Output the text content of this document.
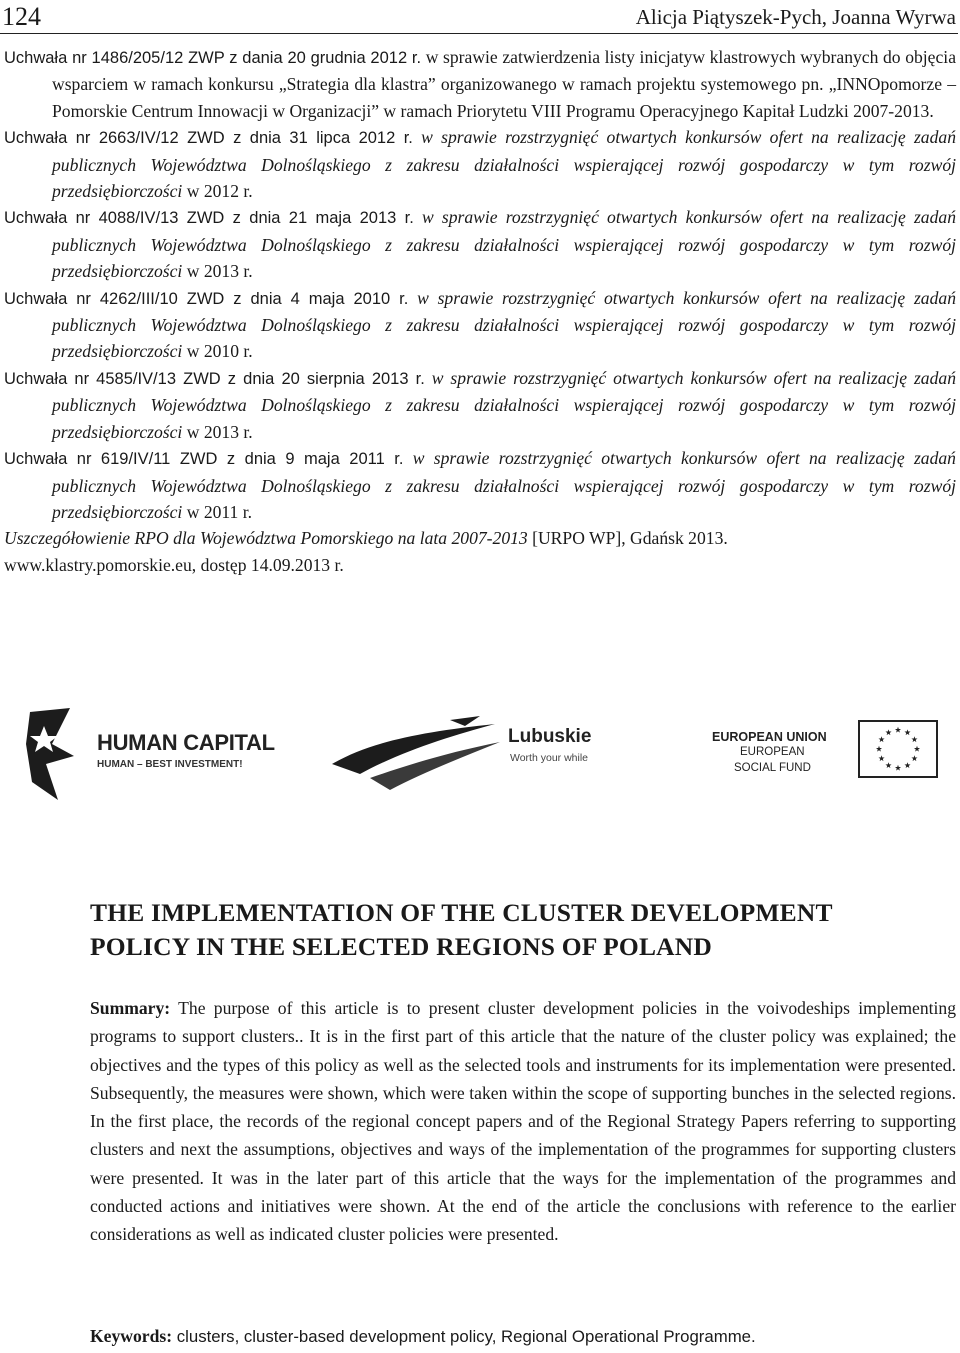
124	Alicja Piątyszek-Pych, Joanna Wyrwa

Uchwała nr 1486/205/12 ZWP z dania 20 grudnia 2012 r. w sprawie zatwierdzenia listy inicjatyw klastrowych wybranych do objęcia wsparciem w ramach konkursu „Strategia dla klastra” organizowanego w ramach projektu systemowego pn. „INNOpomorze – Pomorskie Centrum Innowacji w Organizacji” w ramach Priorytetu VIII Programu Operacyjnego Kapitał Ludzki 2007-2013.

Uchwała nr 2663/IV/12 ZWD z dnia 31 lipca 2012 r. w sprawie rozstrzygnięć otwartych konkursów ofert na realizację zadań publicznych Województwa Dolnośląskiego z zakresu działalności wspierającej rozwój gospodarczy w tym rozwój przedsiębiorczości w 2012 r.

Uchwała nr 4088/IV/13 ZWD z dnia 21 maja 2013 r. w sprawie rozstrzygnięć otwartych konkursów ofert na realizację zadań publicznych Województwa Dolnośląskiego z zakresu działalności wspierającej rozwój gospodarczy w tym rozwój przedsiębiorczości w 2013 r.

Uchwała nr 4262/III/10 ZWD z dnia 4 maja 2010 r. w sprawie rozstrzygnięć otwartych konkursów ofert na realizację zadań publicznych Województwa Dolnośląskiego z zakresu działalności wspierającej rozwój gospodarczy w tym rozwój przedsiębiorczości w 2010 r.

Uchwała nr 4585/IV/13 ZWD z dnia 20 sierpnia 2013 r. w sprawie rozstrzygnięć otwartych konkursów ofert na realizację zadań publicznych Województwa Dolnośląskiego z zakresu działalności wspierającej rozwój gospodarczy w tym rozwój przedsiębiorczości w 2013 r.

Uchwała nr 619/IV/11 ZWD z dnia 9 maja 2011 r. w sprawie rozstrzygnięć otwartych konkursów ofert na realizację zadań publicznych Województwa Dolnośląskiego z zakresu działalności wspierającej rozwój gospodarczy w tym rozwój przedsiębiorczości w 2011 r.

Uszczegółowienie RPO dla Województwa Pomorskiego na lata 2007-2013 [URPO WP], Gdańsk 2013.

www.klastry.pomorskie.eu, dostęp 14.09.2013 r.

HUMAN CAPITAL
HUMAN – BEST INVESTMENT!
Lubuskie
Worth your while
EUROPEAN UNION
EUROPEAN
SOCIAL FUND
THE IMPLEMENTATION OF THE CLUSTER DEVELOPMENT POLICY IN THE SELECTED REGIONS OF POLAND

Summary: The purpose of this article is to present cluster development policies in the voivodeships implementing programs to support clusters.. It is in the first part of this article that the nature of the cluster policy was explained; the objectives and the types of this policy as well as the selected tools and instruments for its implementation were presented. Subsequently, the measures were shown, which were taken within the scope of supporting bunches in the selected regions. In the first place, the records of the regional concept papers and of the Regional Strategy Papers referring to supporting clusters and next the assumptions, objectives and ways of the implementation of the programmes for supporting clusters were presented. It was in the later part of this article that the ways for the implementation of the programmes and conducted actions and initiatives were shown. At the end of the article the conclusions with reference to the earlier considerations as well as indicated cluster policies were presented.

Keywords: clusters, cluster-based development policy, Regional Operational Programme.
